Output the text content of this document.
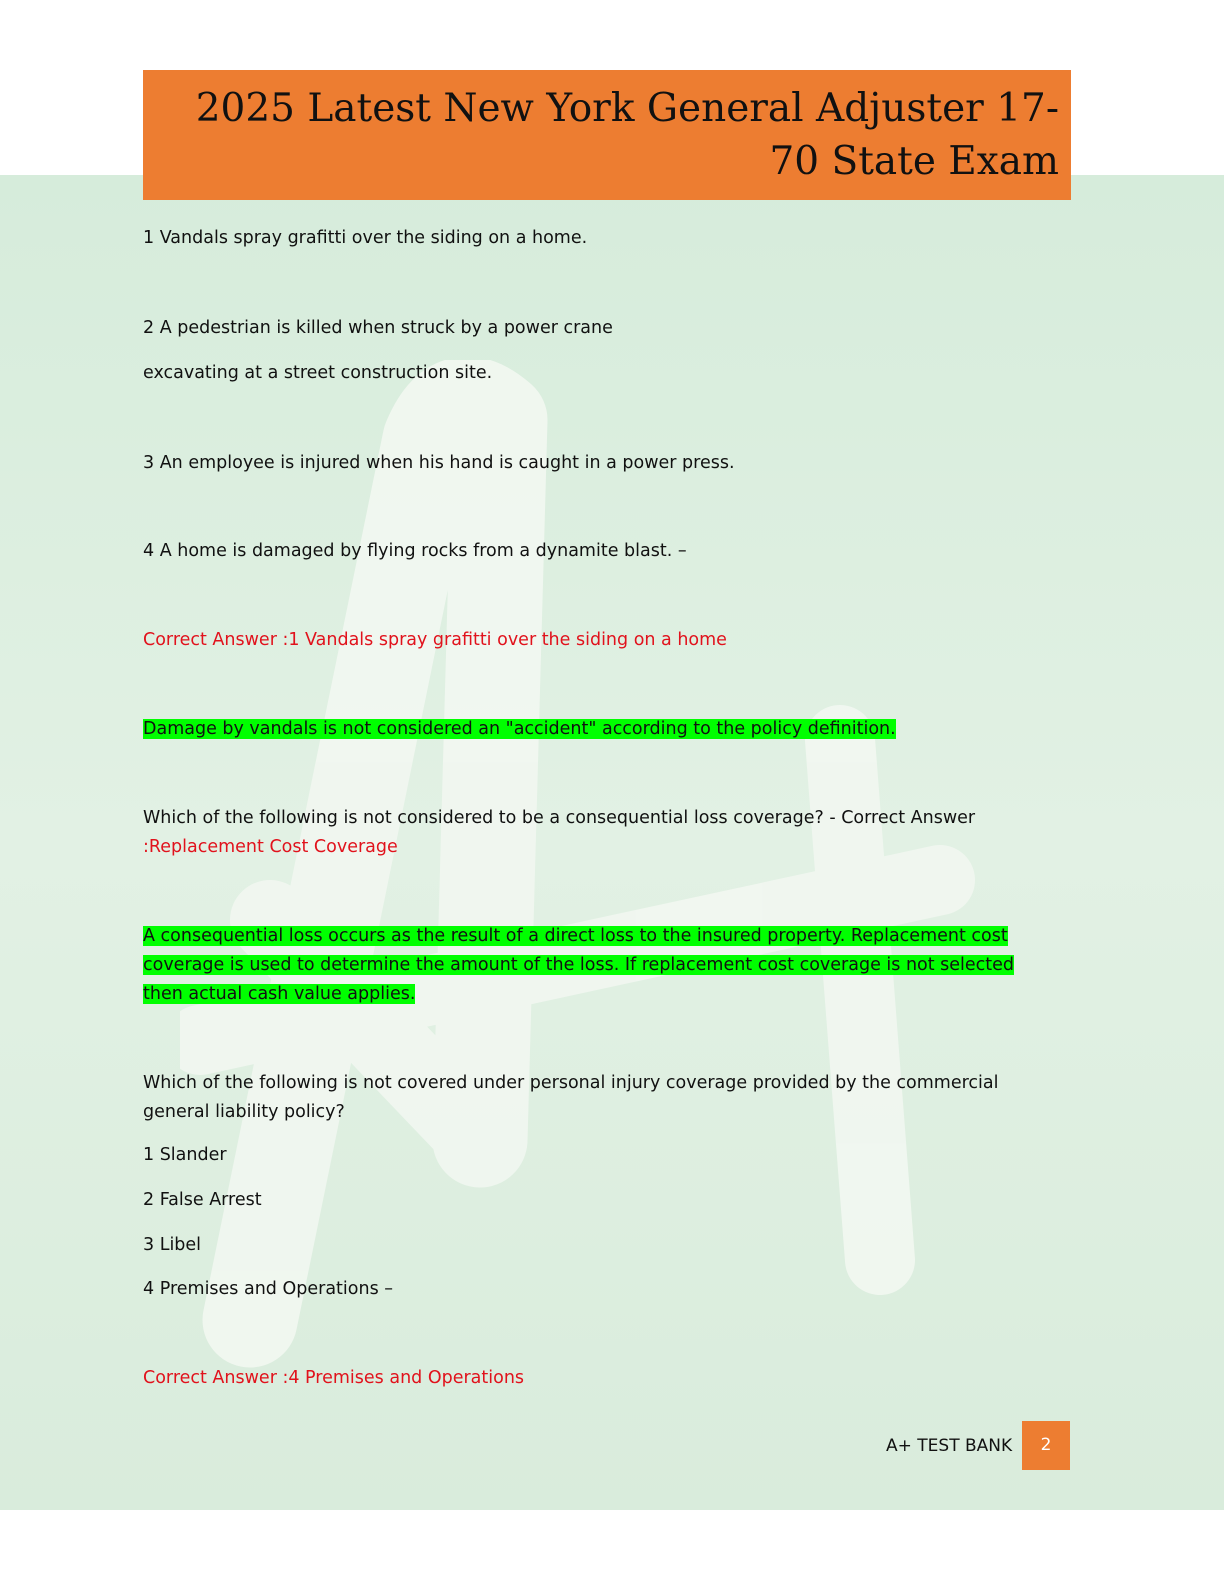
2025 Latest New York General Adjuster 17-70 State Exam
1 Vandals spray grafitti over the siding on a home.
2 A pedestrian is killed when struck by a power crane
excavating at a street construction site.
3 An employee is injured when his hand is caught in a power press.
4 A home is damaged by flying rocks from a dynamite blast. –
Correct Answer :1 Vandals spray grafitti over the siding on a home
Damage by vandals is not considered an "accident" according to the policy definition.
Which of the following is not considered to be a consequential loss coverage? - Correct Answer
:Replacement Cost Coverage
A consequential loss occurs as the result of a direct loss to the insured property. Replacement cost coverage is used to determine the amount of the loss. If replacement cost coverage is not selected then actual cash value applies.
Which of the following is not covered under personal injury coverage provided by the commercial general liability policy?
1 Slander
2 False Arrest
3 Libel
4 Premises and Operations –
Correct Answer :4 Premises and Operations
A+ TEST BANK	2
